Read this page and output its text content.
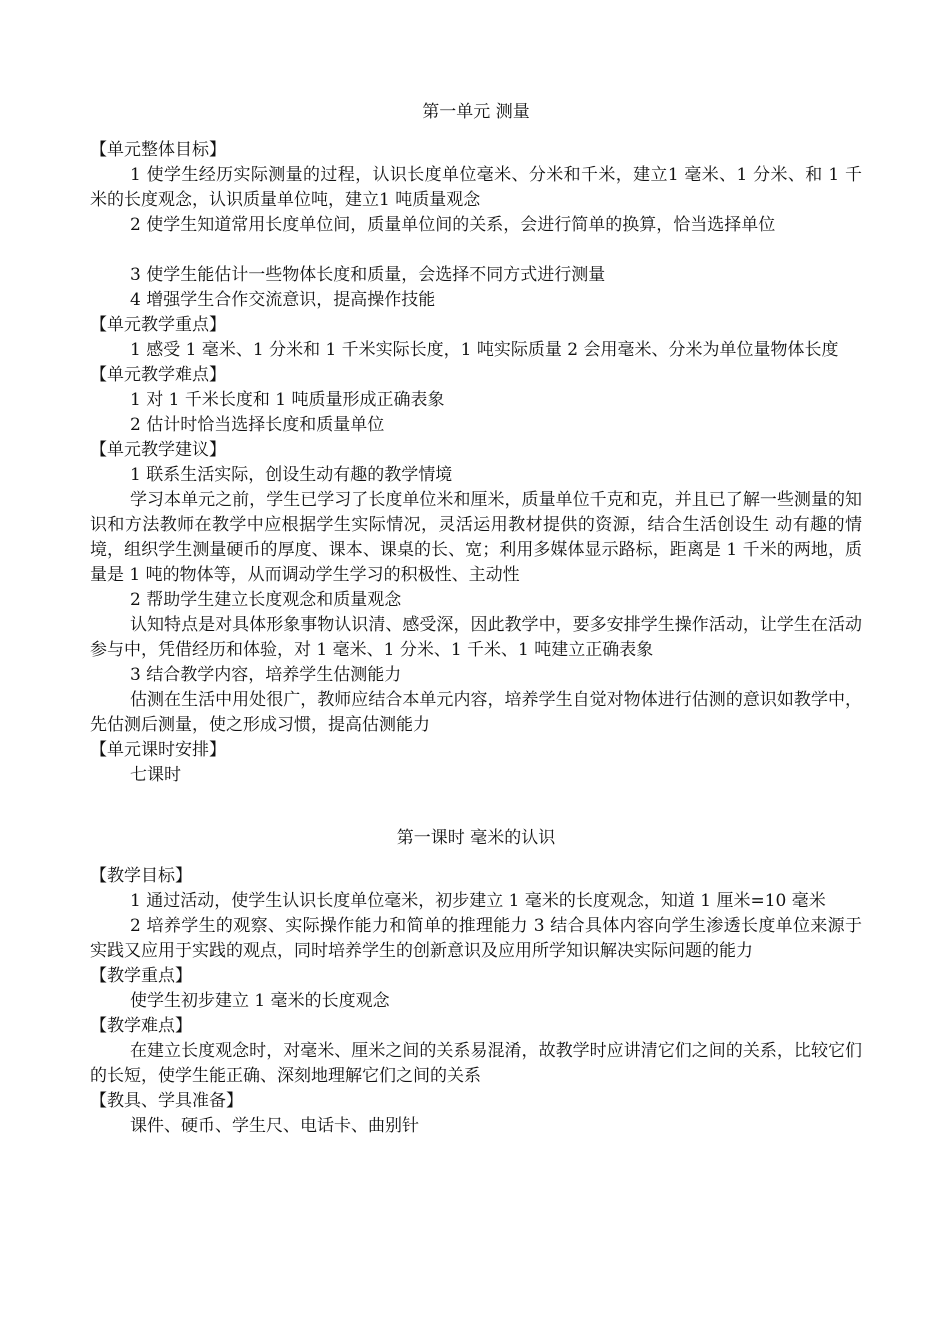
第一单元 测量
【单元整体目标】
1 使学生经历实际测量的过程，认识长度单位毫米、分米和千米，建立1 毫米、1 分米、和 1 千米的长度观念，认识质量单位吨，建立1 吨质量观念
2 使学生知道常用长度单位间，质量单位间的关系，会进行简单的换算，恰当选择单位
3 使学生能估计一些物体长度和质量，会选择不同方式进行测量
4 增强学生合作交流意识，提高操作技能
【单元教学重点】
1 感受 1 毫米、1 分米和 1 千米实际长度，1 吨实际质量 2 会用毫米、分米为单位量物体长度
【单元教学难点】
1 对 1 千米长度和 1 吨质量形成正确表象
2 估计时恰当选择长度和质量单位
【单元教学建议】
1 联系生活实际，创设生动有趣的教学情境
学习本单元之前，学生已学习了长度单位米和厘米，质量单位千克和克，并且已了解一些测量的知识和方法教师在教学中应根据学生实际情况，灵活运用教材提供的资源，结合生活创设生 动有趣的情境，组织学生测量硬币的厚度、课本、课桌的长、宽；利用多媒体显示路标，距离是 1 千米的两地，质量是 1 吨的物体等，从而调动学生学习的积极性、主动性
2 帮助学生建立长度观念和质量观念
认知特点是对具体形象事物认识清、感受深，因此教学中，要多安排学生操作活动，让学生在活动参与中，凭借经历和体验，对 1 毫米、1 分米、1 千米、1 吨建立正确表象
3 结合教学内容，培养学生估测能力
估测在生活中用处很广，教师应结合本单元内容，培养学生自觉对物体进行估测的意识如教学中，先估测后测量，使之形成习惯，提高估测能力
【单元课时安排】
七课时
第一课时 毫米的认识
【教学目标】
1 通过活动，使学生认识长度单位毫米，初步建立 1 毫米的长度观念，知道 1 厘米=10 毫米
2 培养学生的观察、实际操作能力和简单的推理能力 3 结合具体内容向学生渗透长度单位来源于实践又应用于实践的观点，同时培养学生的创新意识及应用所学知识解决实际问题的能力
【教学重点】
使学生初步建立 1 毫米的长度观念
【教学难点】
在建立长度观念时，对毫米、厘米之间的关系易混淆，故教学时应讲清它们之间的关系，比较它们的长短，使学生能正确、深刻地理解它们之间的关系
【教具、学具准备】
课件、硬币、学生尺、电话卡、曲别针
